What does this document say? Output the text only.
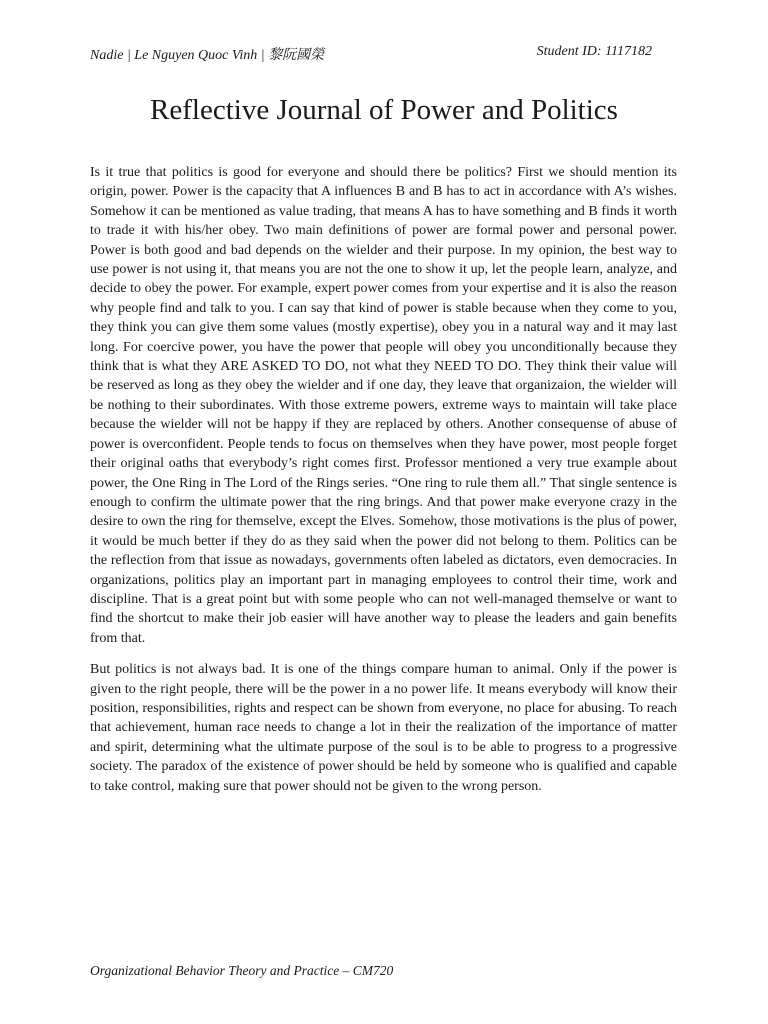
Nadie | Le Nguyen Quoc Vinh | 黎阮國榮	Student ID: 1117182
Reflective Journal of Power and Politics

Is it true that politics is good for everyone and should there be politics? First we should mention its origin, power. Power is the capacity that A influences B and B has to act in accordance with A’s wishes. Somehow it can be mentioned as value trading, that means A has to have something and B finds it worth to trade it with his/her obey. Two main definitions of power are formal power and personal power. Power is both good and bad depends on the wielder and their purpose. In my opinion, the best way to use power is not using it, that means you are not the one to show it up, let the people learn, analyze, and decide to obey the power. For example, expert power comes from your expertise and it is also the reason why people find and talk to you. I can say that kind of power is stable because when they come to you, they think you can give them some values (mostly expertise), obey you in a natural way and it may last long. For coercive power, you have the power that people will obey you unconditionally because they think that is what they ARE ASKED TO DO, not what they NEED TO DO. They think their value will be reserved as long as they obey the wielder and if one day, they leave that organizaion, the wielder will be nothing to their subordinates. With those extreme powers, extreme ways to maintain will take place because the wielder will not be happy if they are replaced by others. Another consequense of abuse of power is overconfident. People tends to focus on themselves when they have power, most people forget their original oaths that everybody’s right comes first. Professor mentioned a very true example about power, the One Ring in The Lord of the Rings series. “One ring to rule them all.” That single sentence is enough to confirm the ultimate power that the ring brings. And that power make everyone crazy in the desire to own the ring for themselve, except the Elves. Somehow, those motivations is the plus of power, it would be much better if they do as they said when the power did not belong to them. Politics can be the reflection from that issue as nowadays, governments often labeled as dictators, even democracies. In organizations, politics play an important part in managing employees to control their time, work and discipline. That is a great point but with some people who can not well-managed themselve or want to find the shortcut to make their job easier will have another way to please the leaders and gain benefits from that.

But politics is not always bad. It is one of the things compare human to animal. Only if the power is given to the right people, there will be the power in a no power life. It means everybody will know their position, responsibilities, rights and respect can be shown from everyone, no place for abusing. To reach that achievement, human race needs to change a lot in their the realization of the importance of matter and spirit, determining what the ultimate purpose of the soul is to be able to progress to a progressive society. The paradox of the existence of power should be held by someone who is qualified and capable to take control, making sure that power should not be given to the wrong person.

Organizational Behavior Theory and Practice – CM720
